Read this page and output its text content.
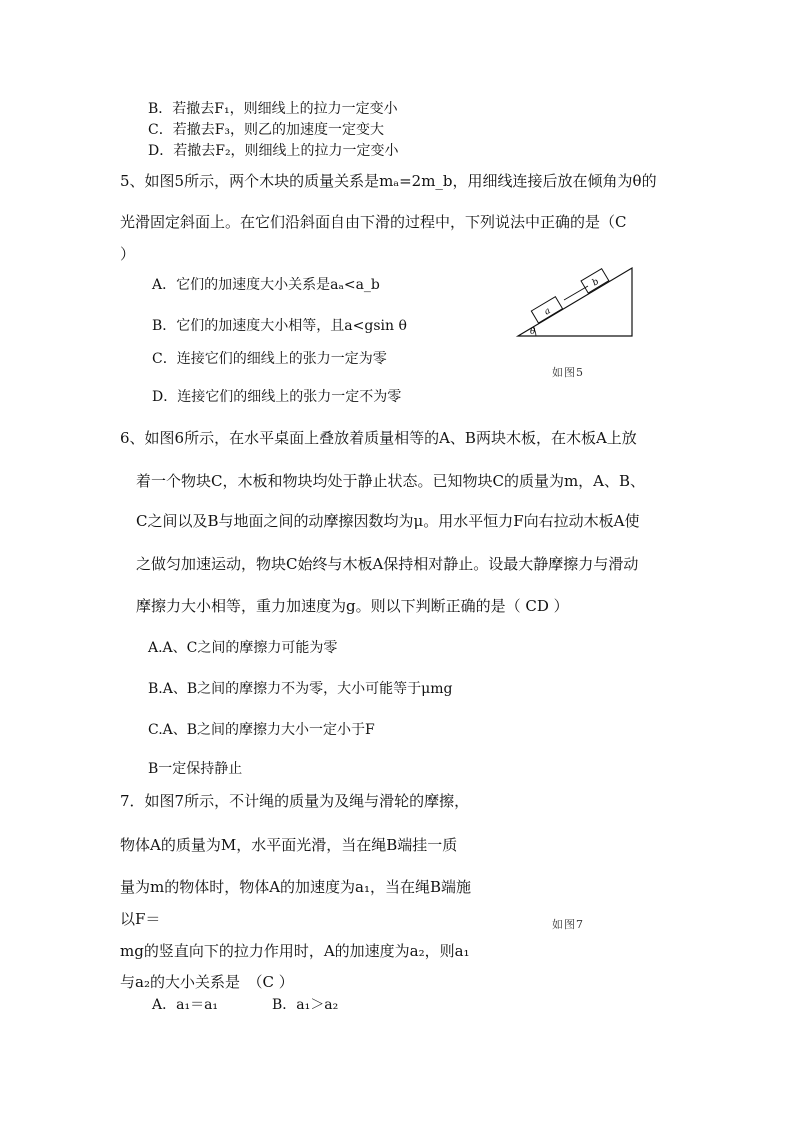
B．若撤去F₁，则细线上的拉力一定变小
C．若撤去F₃，则乙的加速度一定变大
D．若撤去F₂，则细线上的拉力一定变小
5、如图5所示，两个木块的质量关系是mₐ=2m_b，用细线连接后放在倾角为θ的
光滑固定斜面上。在它们沿斜面自由下滑的过程中，下列说法中正确的是（C
）
A．它们的加速度大小关系是aₐ<a_b
B．它们的加速度大小相等，且a<gsin θ
C．连接它们的细线上的张力一定为零
D．连接它们的细线上的张力一定不为零
a
b
θ
如图5
6、如图6所示，在水平桌面上叠放着质量相等的A、B两块木板，在木板A上放
着一个物块C，木板和物块均处于静止状态。已知物块C的质量为m，A、B、
C之间以及B与地面之间的动摩擦因数均为μ。用水平恒力F向右拉动木板A使
之做匀加速运动，物块C始终与木板A保持相对静止。设最大静摩擦力与滑动
摩擦力大小相等，重力加速度为g。则以下判断正确的是（ CD ）
A.A、C之间的摩擦力可能为零
B.A、B之间的摩擦力不为零，大小可能等于μmg
C.A、B之间的摩擦力大小一定小于F
B一定保持静止
7．如图7所示，不计绳的质量为及绳与滑轮的摩擦，
物体A的质量为M，水平面光滑，当在绳B端挂一质
量为m的物体时，物体A的加速度为a₁，当在绳B端施
以F＝	如图7
mg的竖直向下的拉力作用时，A的加速度为a₂，则a₁
与a₂的大小关系是　（C ）
A．a₁＝a₁	B．a₁＞a₂
